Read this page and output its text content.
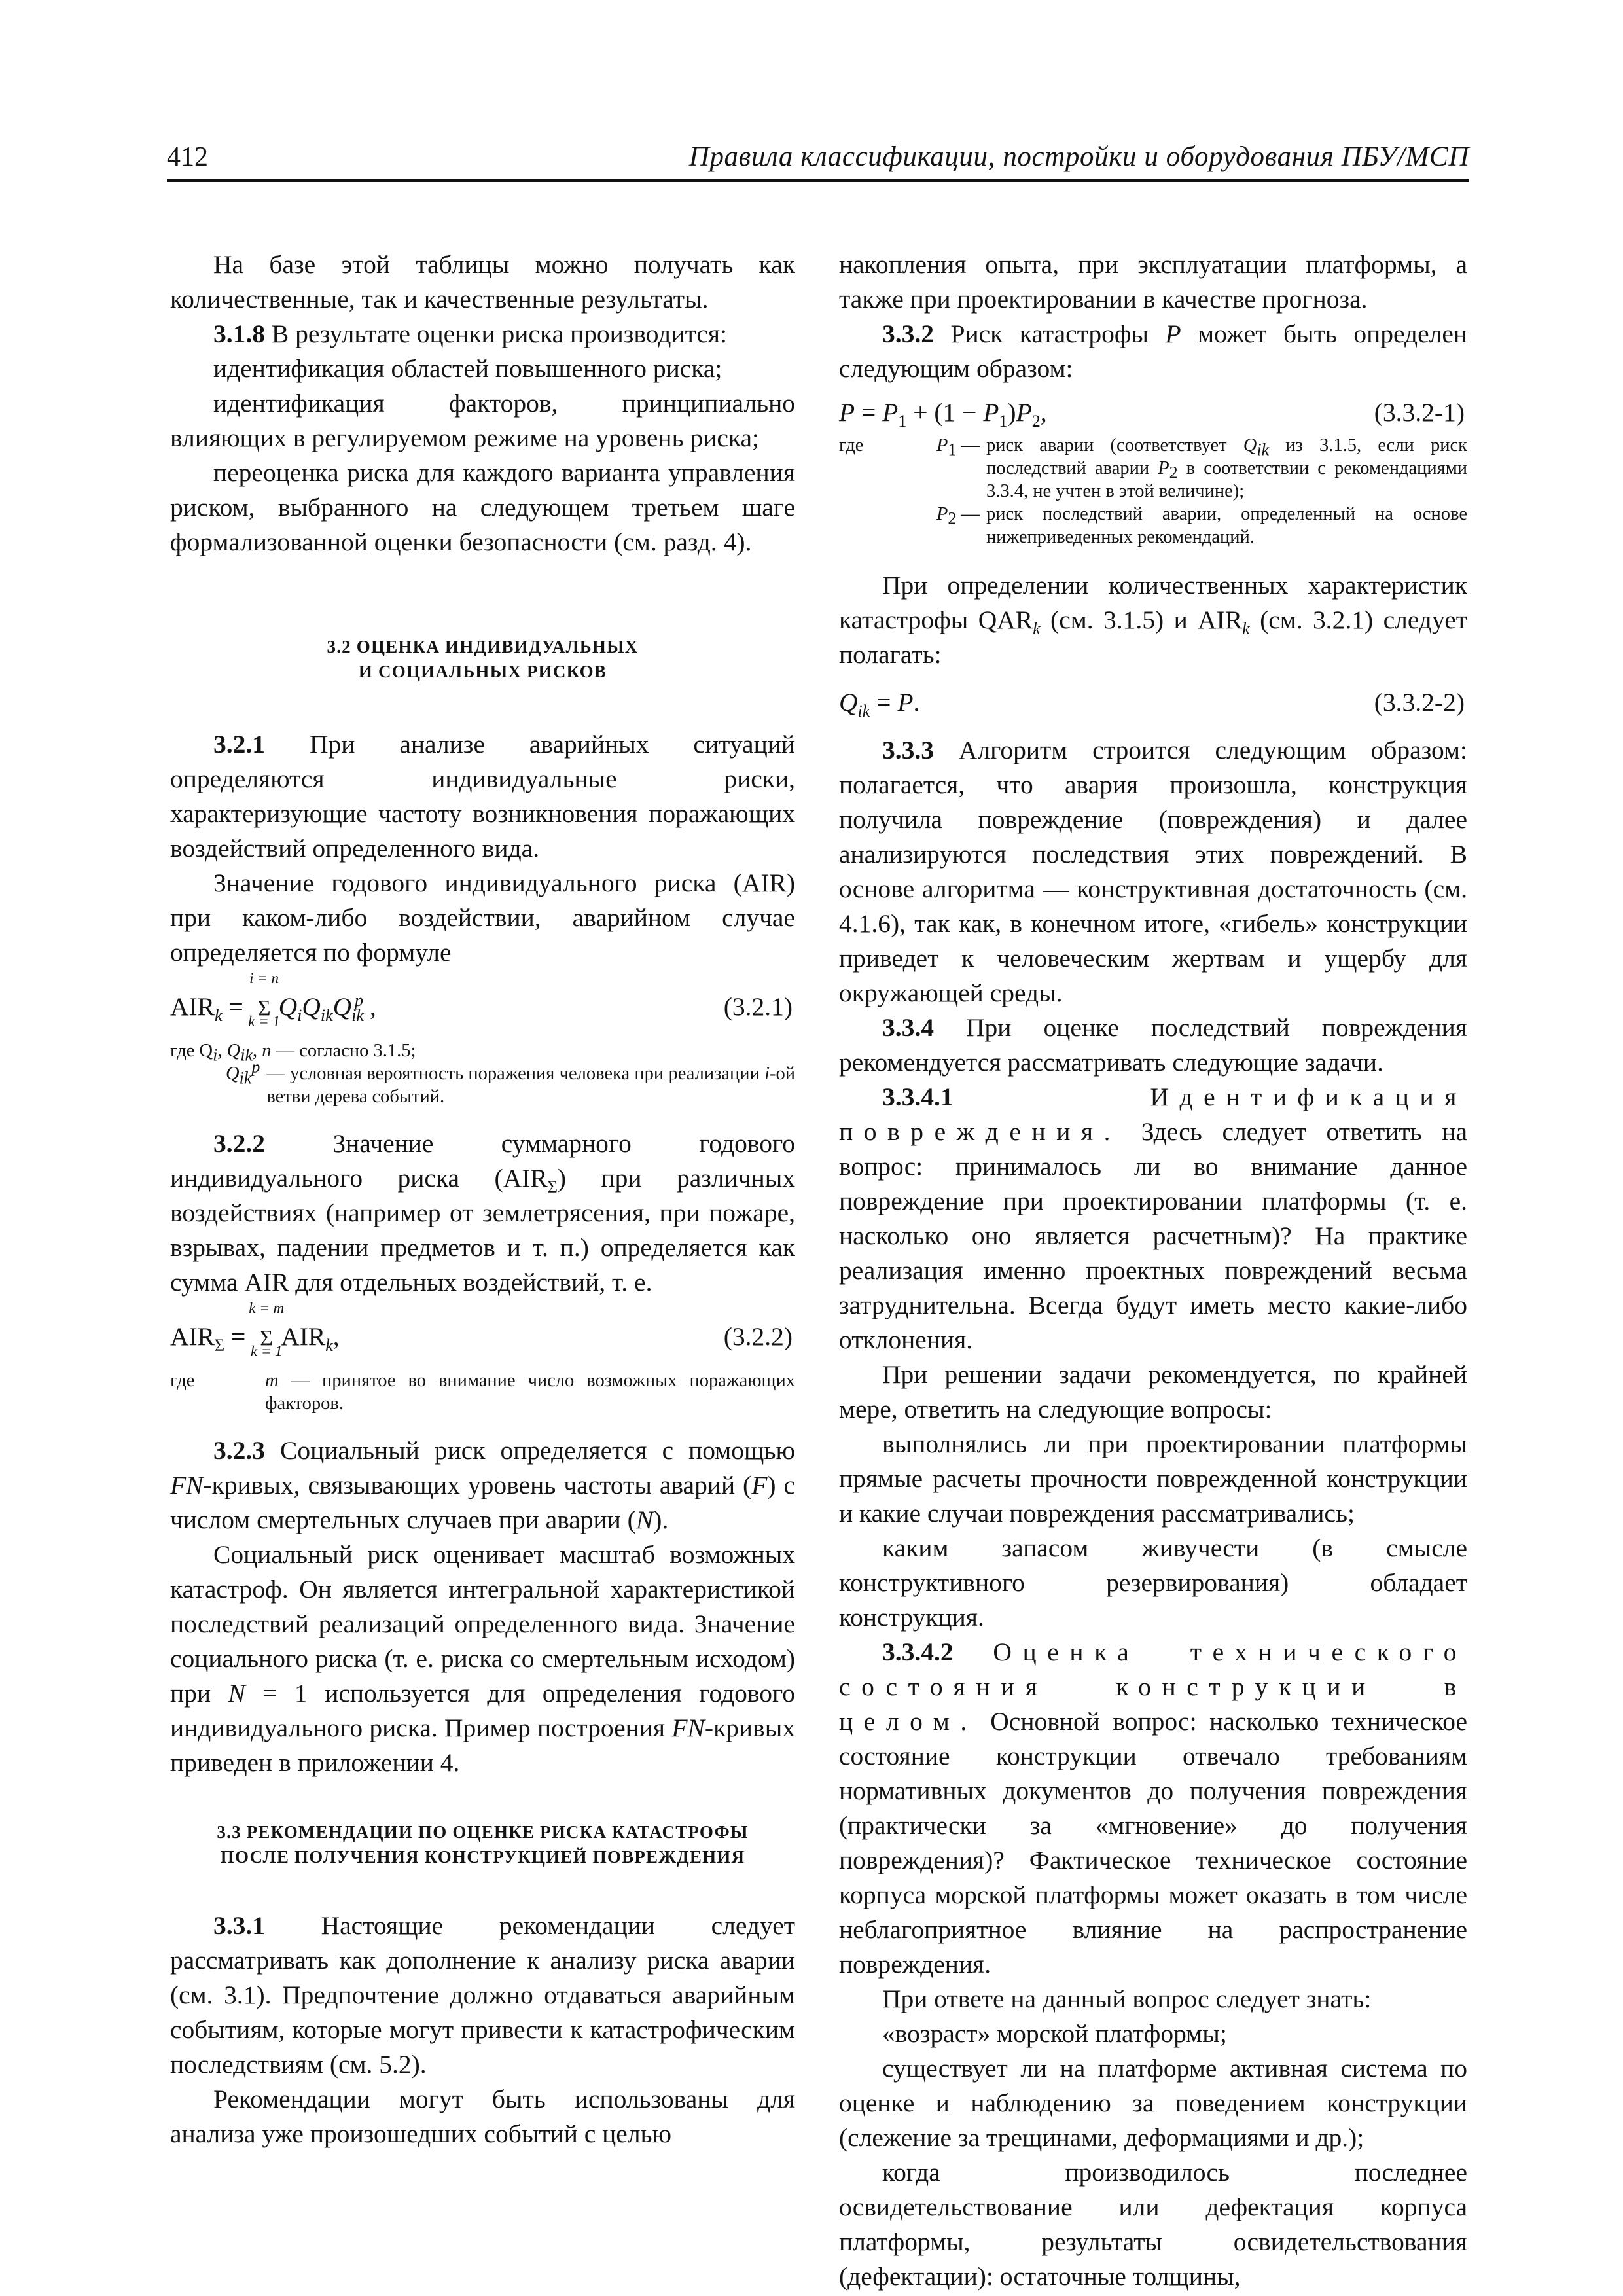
412	Правила классификации, постройки и оборудования ПБУ/МСП

На базе этой таблицы можно получать как количественные, так и качественные результаты.

3.1.8 В результате оценки риска производится:

идентификация областей повышенного риска;

идентификация факторов, принципиально влияющих в регулируемом режиме на уровень риска;

переоценка риска для каждого варианта управления риском, выбранного на следующем третьем шаге формализованной оценки безопасности (см. разд. 4).

3.2 ОЦЕНКА ИНДИВИДУАЛЬНЫХ
И СОЦИАЛЬНЫХ РИСКОВ

3.2.1 При анализе аварийных ситуаций определяются индивидуальные риски, характеризующие частоту возникновения поражающих воздействий определенного вида.

Значение годового индивидуального риска (AIR) при каком-либо воздействии, аварийном случае определяется по формуле

$AIR_k$ =
i = n
Σ
k = 1
$Q_iQ_{ik}Q_{ik}^p$ ,	(3.2.1)
где $Q_i$, $Q_{ik}$, n — согласно 3.1.5;
$Q_{ik}^p$ — условная вероятность поражения человека при реализации i-ой ветви дерева событий.

3.2.2 Значение суммарного годового индивидуального риска $(AIR_\Sigma)$ при различных воздействиях (например от землетрясения, при пожаре, взрывах, падении предметов и т. п.) определяется как сумма AIR для отдельных воздействий, т. е.

$AIR_\Sigma$ =
k = m
Σ
k = 1
$AIR_k$,	(3.2.2)
где	m — принятое во внимание число возможных поражающих факторов.

3.2.3 Социальный риск определяется с помощью FN-кривых, связывающих уровень частоты аварий (F) с числом смертельных случаев при аварии (N).

Социальный риск оценивает масштаб возможных катастроф. Он является интегральной характеристикой последствий реализаций определенного вида. Значение социального риска (т. е. риска со смертельным исходом) при N = 1 используется для определения годового индивидуального риска. Пример построения FN-кривых приведен в приложении 4.

3.3 РЕКОМЕНДАЦИИ ПО ОЦЕНКЕ РИСКА КАТАСТРОФЫ
ПОСЛЕ ПОЛУЧЕНИЯ КОНСТРУКЦИЕЙ ПОВРЕЖДЕНИЯ

3.3.1 Настоящие рекомендации следует рассматривать как дополнение к анализу риска аварии (см. 3.1). Предпочтение должно отдаваться аварийным событиям, которые могут привести к катастрофическим последствиям (см. 5.2).

Рекомендации могут быть использованы для анализа уже произошедших событий с целью

накопления опыта, при эксплуатации платформы, а также при проектировании в качестве прогноза.

3.3.2 Риск катастрофы P может быть определен следующим образом:

$P = P_1 + (1 - P_1)P_2$,	(3.3.2-1)
где	$P_1$ — риск аварии (соответствует $Q_{ik}$ из 3.1.5, если риск последствий аварии $P_2$ в соответствии с рекомендациями 3.3.4, не учтен в этой величине);
$P_2$ — риск последствий аварии, определенный на основе нижеприведенных рекомендаций.

При определении количественных характеристик катастрофы $QAR_k$ (см. 3.1.5) и $AIR_k$ (см. 3.2.1) следует полагать:

$Q_{ik} = P$.	(3.3.2-2)

3.3.3 Алгоритм строится следующим образом: полагается, что авария произошла, конструкция получила повреждение (повреждения) и далее анализируются последствия этих повреждений. В основе алгоритма — конструктивная достаточность (см. 4.1.6), так как, в конечном итоге, «гибель» конструкции приведет к человеческим жертвам и ущербу для окружающей среды.

3.3.4 При оценке последствий повреждения рекомендуется рассматривать следующие задачи.

3.3.4.1	Идентификация повреждения. Здесь следует ответить на вопрос: принималось ли во внимание данное повреждение при проектировании платформы (т. е. насколько оно является расчетным)? На практике реализация именно проектных повреждений весьма затруднительна. Всегда будут иметь место какие-либо отклонения.

При решении задачи рекомендуется, по крайней мере, ответить на следующие вопросы:

выполнялись ли при проектировании платформы прямые расчеты прочности поврежденной конструкции и какие случаи повреждения рассматривались;

каким запасом живучести (в смысле конструктивного резервирования) обладает конструкция.

3.3.4.2 Оценка технического состояния конструкции в целом. Основной вопрос: насколько техническое состояние конструкции отвечало требованиям нормативных документов до получения повреждения (практически за «мгновение» до получения повреждения)? Фактическое техническое состояние корпуса морской платформы может оказать в том числе неблагоприятное влияние на распространение повреждения.

При ответе на данный вопрос следует знать:

«возраст» морской платформы;

существует ли на платформе активная система по оценке и наблюдению за поведением конструкции (слежение за трещинами, деформациями и др.);

когда производилось последнее освидетельствование или дефектация корпуса платформы, результаты освидетельствования (дефектации): остаточные толщины,
